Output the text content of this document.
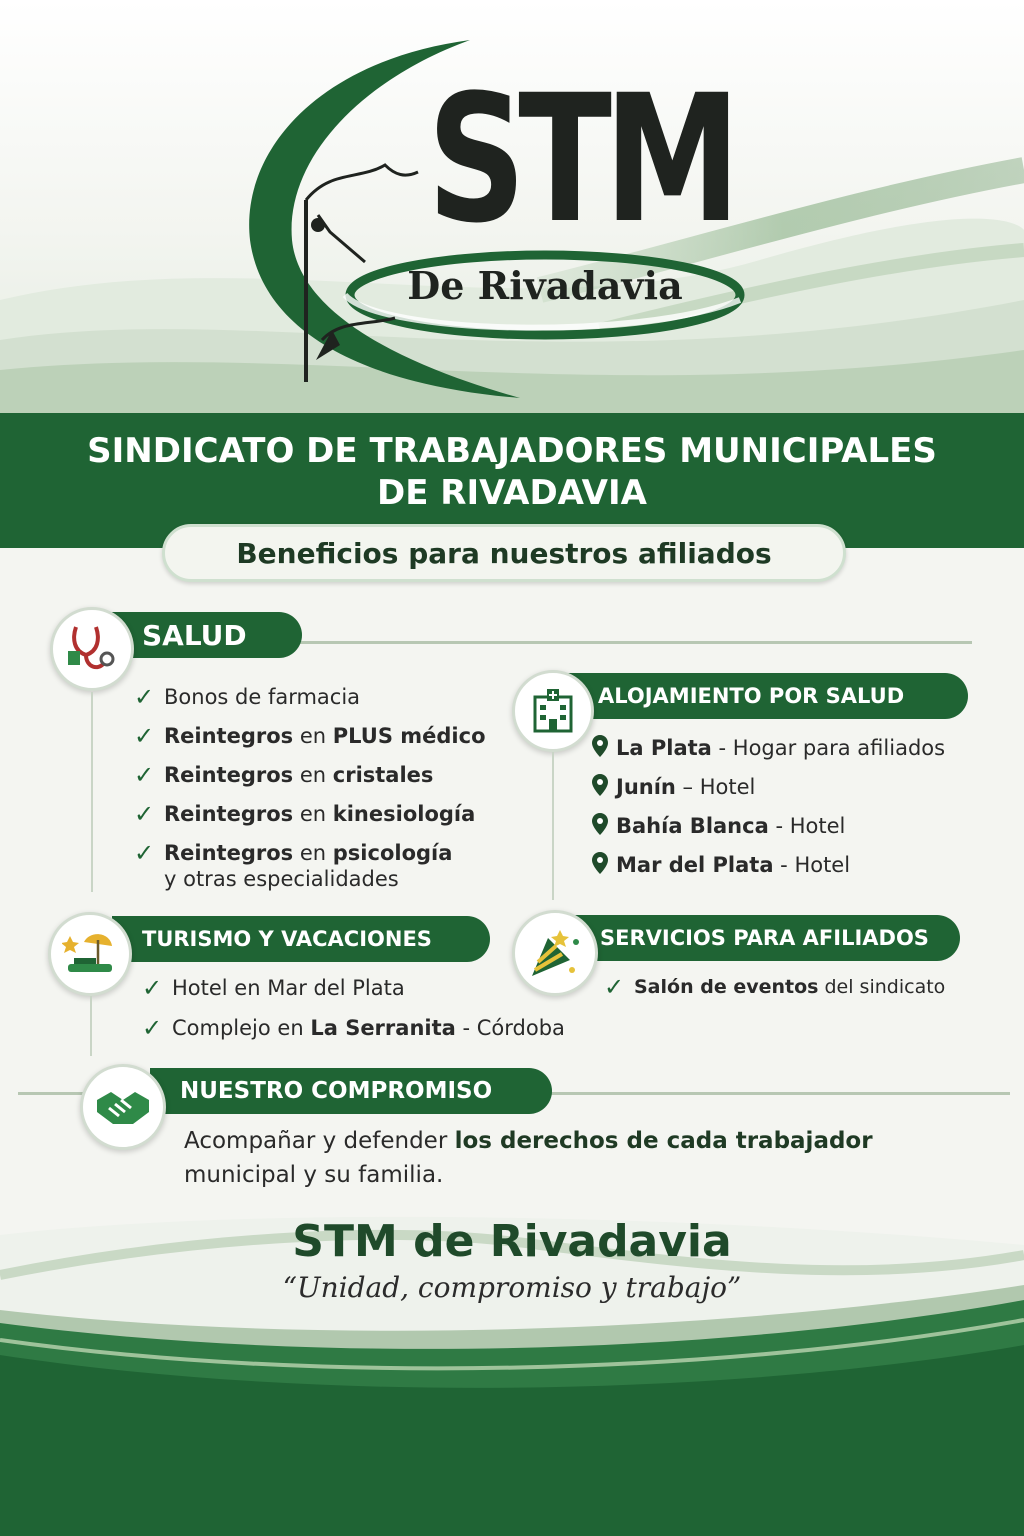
STM
De Rivadavia
SINDICATO DE TRABAJADORES MUNICIPALES
DE RIVADAVIA
Beneficios para nuestros afiliados
SALUD
✓ Bonos de farmacia
✓ Reintegros en PLUS médico
✓ Reintegros en cristales
✓ Reintegros en kinesiología
✓ Reintegros en psicología
y otras especialidades
ALOJAMIENTO POR SALUD
La Plata - Hogar para afiliados
Junín – Hotel
Bahía Blanca - Hotel
Mar del Plata - Hotel
TURISMO Y VACACIONES
✓ Hotel en Mar del Plata
✓ Complejo en La Serranita - Córdoba
SERVICIOS PARA AFILIADOS
✓ Salón de eventos del sindicato
NUESTRO COMPROMISO
Acompañar y defender los derechos de cada trabajador
municipal y su familia.
STM de Rivadavia
“Unidad, compromiso y trabajo”
